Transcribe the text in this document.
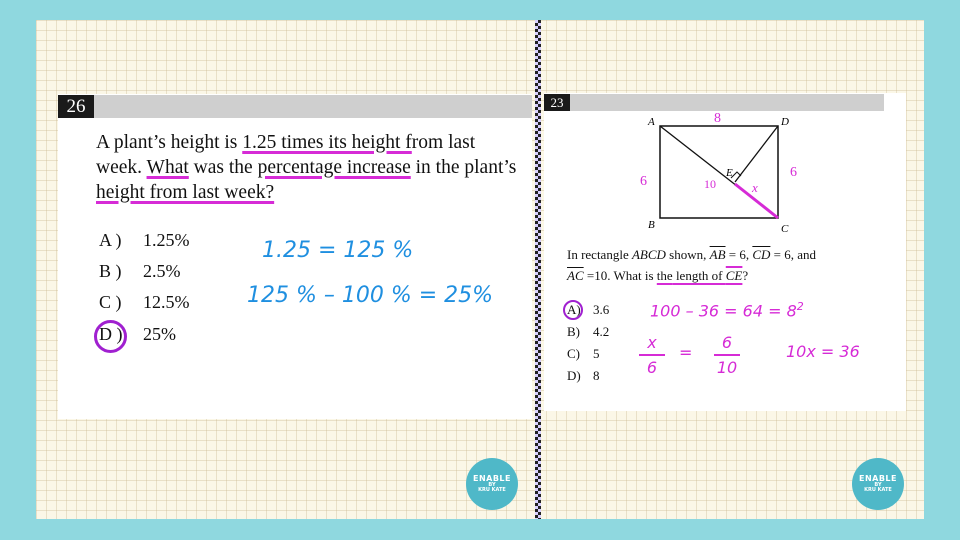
26
A plant’s height is 1.25 times its height from last week. What was the percentage increase in the plant’s height from last week?
A )	1.25%
B )	2.5%
C )	12.5%
D )	25%
1.25 = 125 %
125 % – 100 % = 25%
23
A
B	C
D
E
8
6
6
10	x
In rectangle ABCD shown, $\overline{AB} = 6$, $\overline{CD} = 6$, and
$\overline{AC} =10$. What is the length of CE?
A) 3.6
B)	4.2
C)	5
D) 8
$100 - 36 = 64 = 8^2$
x
6
=
6
10
10x = 36
ENABLE
BY
KRU KATE
ENABLE
BY
KRU KATE
